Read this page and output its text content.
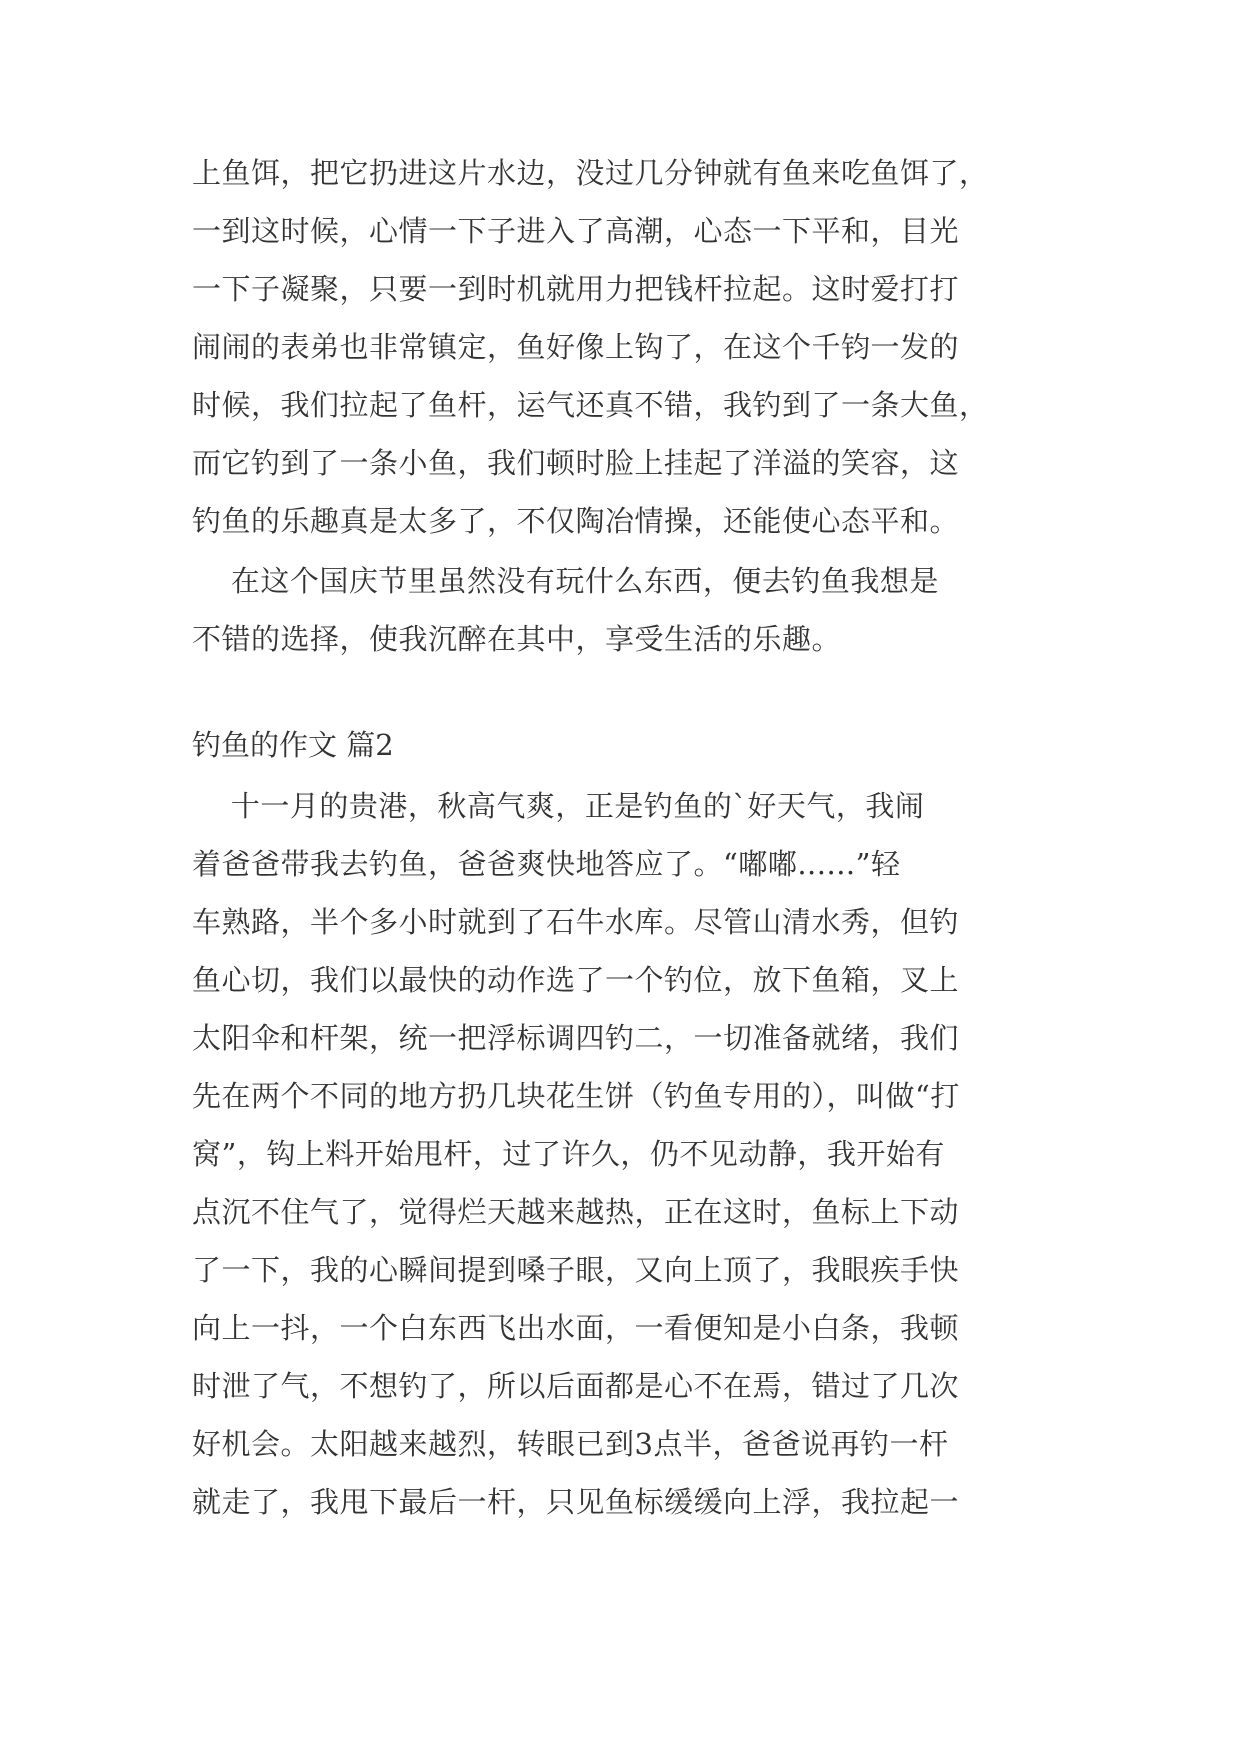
上鱼饵，把它扔进这片水边，没过几分钟就有鱼来吃鱼饵了，
一到这时候，心情一下子进入了高潮，心态一下平和，目光
一下子凝聚，只要一到时机就用力把钱杆拉起。这时爱打打
闹闹的表弟也非常镇定，鱼好像上钩了，在这个千钧一发的
时候，我们拉起了鱼杆，运气还真不错，我钓到了一条大鱼，
而它钓到了一条小鱼，我们顿时脸上挂起了洋溢的笑容，这
钓鱼的乐趣真是太多了，不仅陶冶情操，还能使心态平和。
在这个国庆节里虽然没有玩什么东西，便去钓鱼我想是
不错的选择，使我沉醉在其中，享受生活的乐趣。
钓鱼的作文 篇2
十一月的贵港，秋高气爽，正是钓鱼的`好天气，我闹
着爸爸带我去钓鱼，爸爸爽快地答应了。“嘟嘟......”轻
车熟路，半个多小时就到了石牛水库。尽管山清水秀，但钓
鱼心切，我们以最快的动作选了一个钓位，放下鱼箱，叉上
太阳伞和杆架，统一把浮标调四钓二，一切准备就绪，我们
先在两个不同的地方扔几块花生饼（钓鱼专用的），叫做“打
窝”，钩上料开始甩杆，过了许久，仍不见动静，我开始有
点沉不住气了，觉得烂天越来越热，正在这时，鱼标上下动
了一下，我的心瞬间提到嗓子眼，又向上顶了，我眼疾手快
向上一抖，一个白东西飞出水面，一看便知是小白条，我顿
时泄了气，不想钓了，所以后面都是心不在焉，错过了几次
好机会。太阳越来越烈，转眼已到3点半，爸爸说再钓一杆
就走了，我甩下最后一杆，只见鱼标缓缓向上浮，我拉起一
